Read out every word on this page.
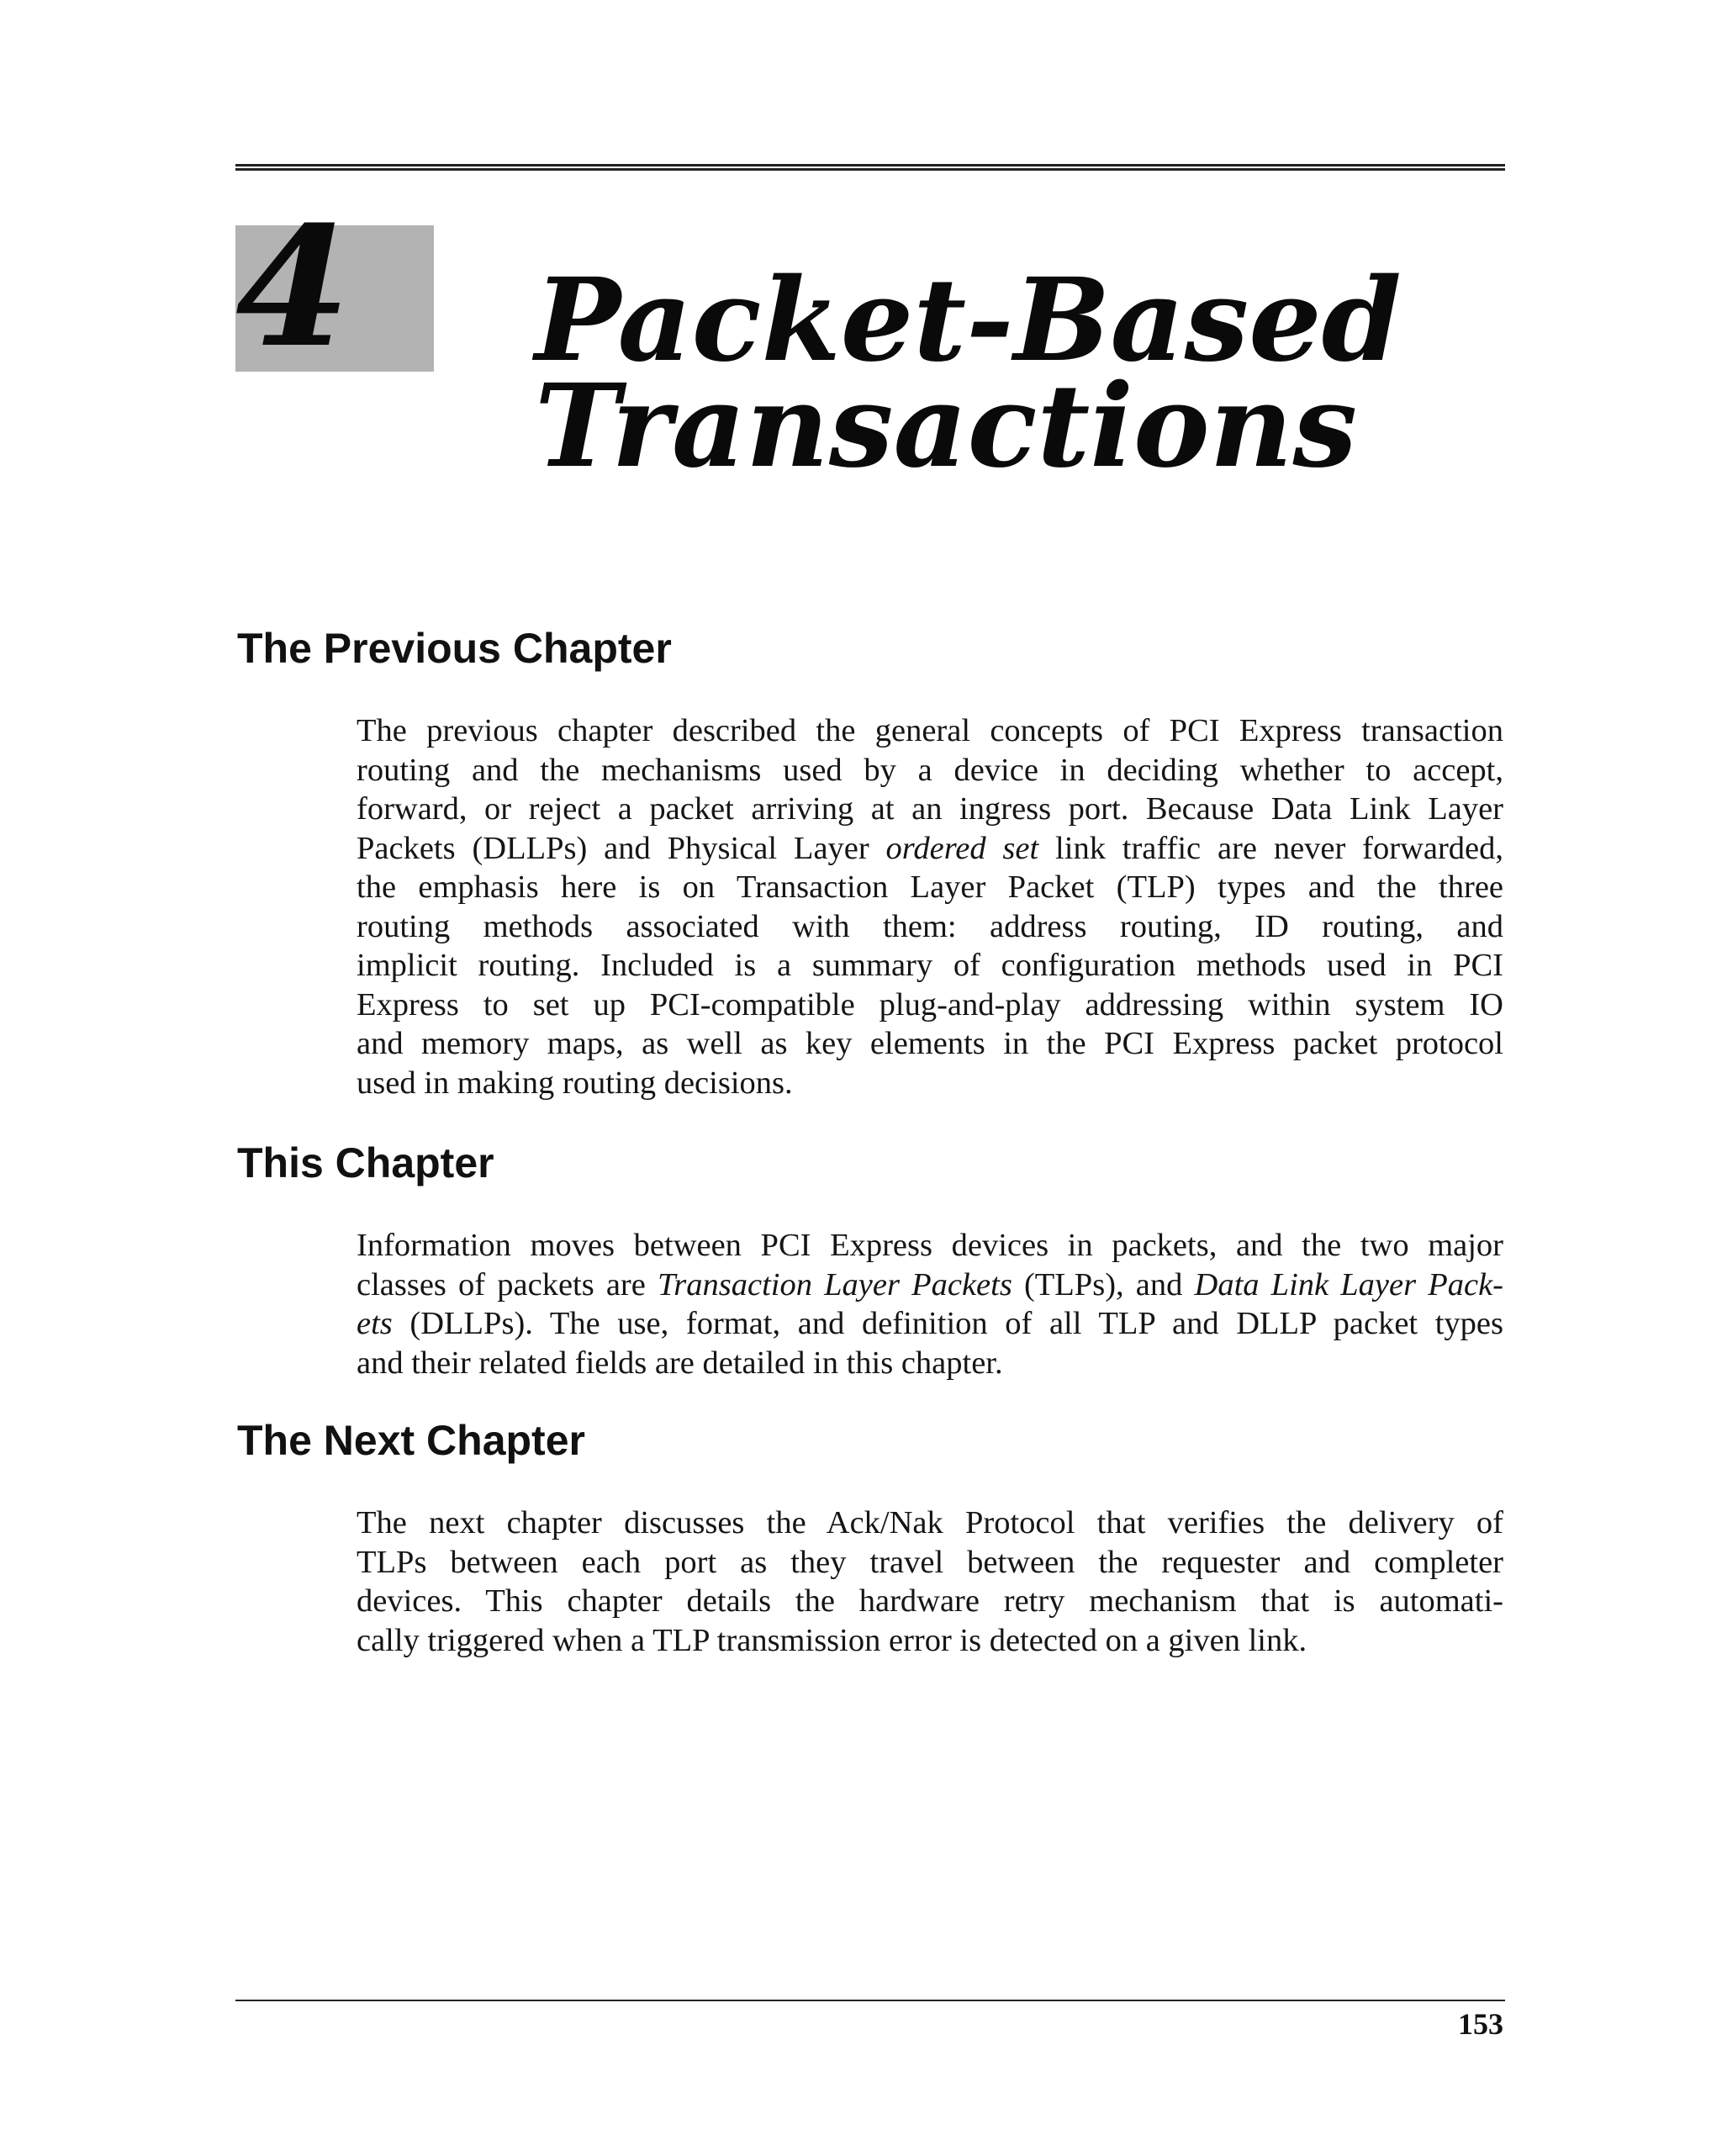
4 Packet-Based
Transactions
The Previous Chapter
The previous chapter described the general concepts of PCI Express transaction
routing and the mechanisms used by a device in deciding whether to accept,
forward, or reject a packet arriving at an ingress port. Because Data Link Layer
Packets (DLLPs) and Physical Layer ordered set link traffic are never forwarded,
the emphasis here is on Transaction Layer Packet (TLP) types and the three
routing methods associated with them: address routing, ID routing, and
implicit routing. Included is a summary of configuration methods used in PCI
Express to set up PCI-compatible plug-and-play addressing within system IO
and memory maps, as well as key elements in the PCI Express packet protocol
used in making routing decisions.
This Chapter
Information moves between PCI Express devices in packets, and the two major
classes of packets are Transaction Layer Packets (TLPs), and Data Link Layer Pack-
ets (DLLPs). The use, format, and definition of all TLP and DLLP packet types
and their related fields are detailed in this chapter.
The Next Chapter
The next chapter discusses the Ack/Nak Protocol that verifies the delivery of
TLPs between each port as they travel between the requester and completer
devices. This chapter details the hardware retry mechanism that is automati-
cally triggered when a TLP transmission error is detected on a given link.

153
